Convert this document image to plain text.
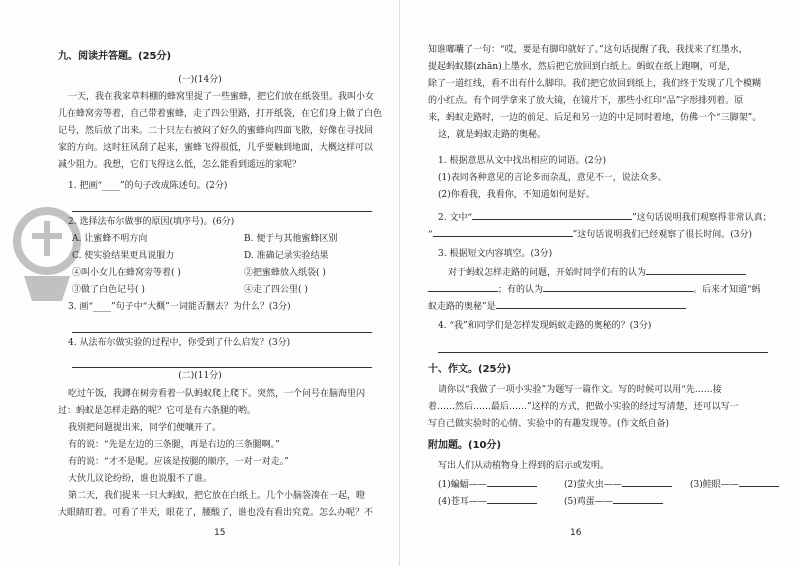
九、阅读并答题。(25分)
(一)(14分)
一天，我在我家草料棚的蜂窝里捉了一些蜜蜂，把它们放在纸袋里。我叫小女
儿在蜂窝旁等着，自己带着蜜蜂，走了四公里路，打开纸袋，在它们身上做了白色
记号，然后放了出来。二十只左右被闷了好久的蜜蜂向四面飞散，好像在寻找回
家的方向。这时狂风刮了起来，蜜蜂飞得很低，几乎要触到地面，大概这样可以
减少阻力。我想，它们飞得这么低，怎么能看到遥远的家呢？
1. 把画“____”的句子改成陈述句。(2分)
2. 选择法布尔做事的原因(填序号)。(6分)
A. 让蜜蜂不明方向	B. 便于与其他蜜蜂区别
C. 使实验结果更具说服力	D. 准确记录实验结果
④叫小女儿在蜂窝旁等着( )	②把蜜蜂放入纸袋( )
③做了白色记号( )	④走了四公里( )
3. 画“____”句子中“大概”一词能否删去？为什么？(3分)
4. 从法布尔做实验的过程中，你受到了什么启发？(3分)
(二)(11分)
吃过午饭，我蹲在树旁看着一队蚂蚁爬上爬下。突然，一个问号在脑海里闪
过：蚂蚁是怎样走路的呢？它可是有六条腿的哟。
我别把问题提出来，同学们便嚷开了。
有的说：“先是左边的三条腿，再是右边的三条腿啊。”
有的说：“才不是呢。应该是按腿的顺序，一对一对走。”
大伙儿议论纷纷，谁也说服不了谁。
第二天，我们捉来一只大蚂蚁，把它放在白纸上。几个小脑袋凑在一起，瞪
大眼睛盯着。可看了半天，眼花了，腰酸了，谁也没有看出究竟。怎么办呢？不
15
知谁嘟囔了一句：“哎，要是有脚印就好了。”这句话提醒了我，我找来了红墨水，
提起蚂蚁膝(zhān)上墨水，然后把它放回到白纸上。蚂蚁在纸上跑啊，可是，
除了一道红线，看不出有什么脚印。我们把它放回到纸上，我们终于发现了几个模糊
的小红点。有个同学拿来了放大镜，在镜片下，那些小红印“品”字形排列着。原
来，蚂蚁走路时，一边的前足、后足和另一边的中足同时着地，仿佛一个“三脚架”。
这，就是蚂蚁走路的奥秘。
1. 根据意思从文中找出相应的词语。(2分)
(1)表同各种意见的言论多而杂乱，意见不一，说法众多。
(2)你看我，我看你，不知道如何是好。
2. 文中“	”这句话说明我们观察得非常认真；
“	”这句话说明我们已经观察了很长时间。(3分)
3. 根据短文内容填空。(3分)
对于蚂蚁怎样走路的问题，开始时同学们有的认为
；有的认为	。后来才知道“蚂
蚁走路的奥秘”是
4. “我”和同学们是怎样发现蚂蚁走路的奥秘的？(3分)
十、作文。(25分)
请你以“我做了一项小实验”为题写一篇作文。写的时候可以用“先……接
着……然后……最后……”这样的方式，把做小实验的经过写清楚，还可以写一
写自己做实验时的心情、实验中的有趣发现等。(作文纸自备)
附加题。(10分)
写出人们从动植物身上得到的启示或发明。
(1)蝙蝠——	(2)萤火虫——	(3)鲑眼——
(4)苍耳——	(5)鸡蛋——
16
